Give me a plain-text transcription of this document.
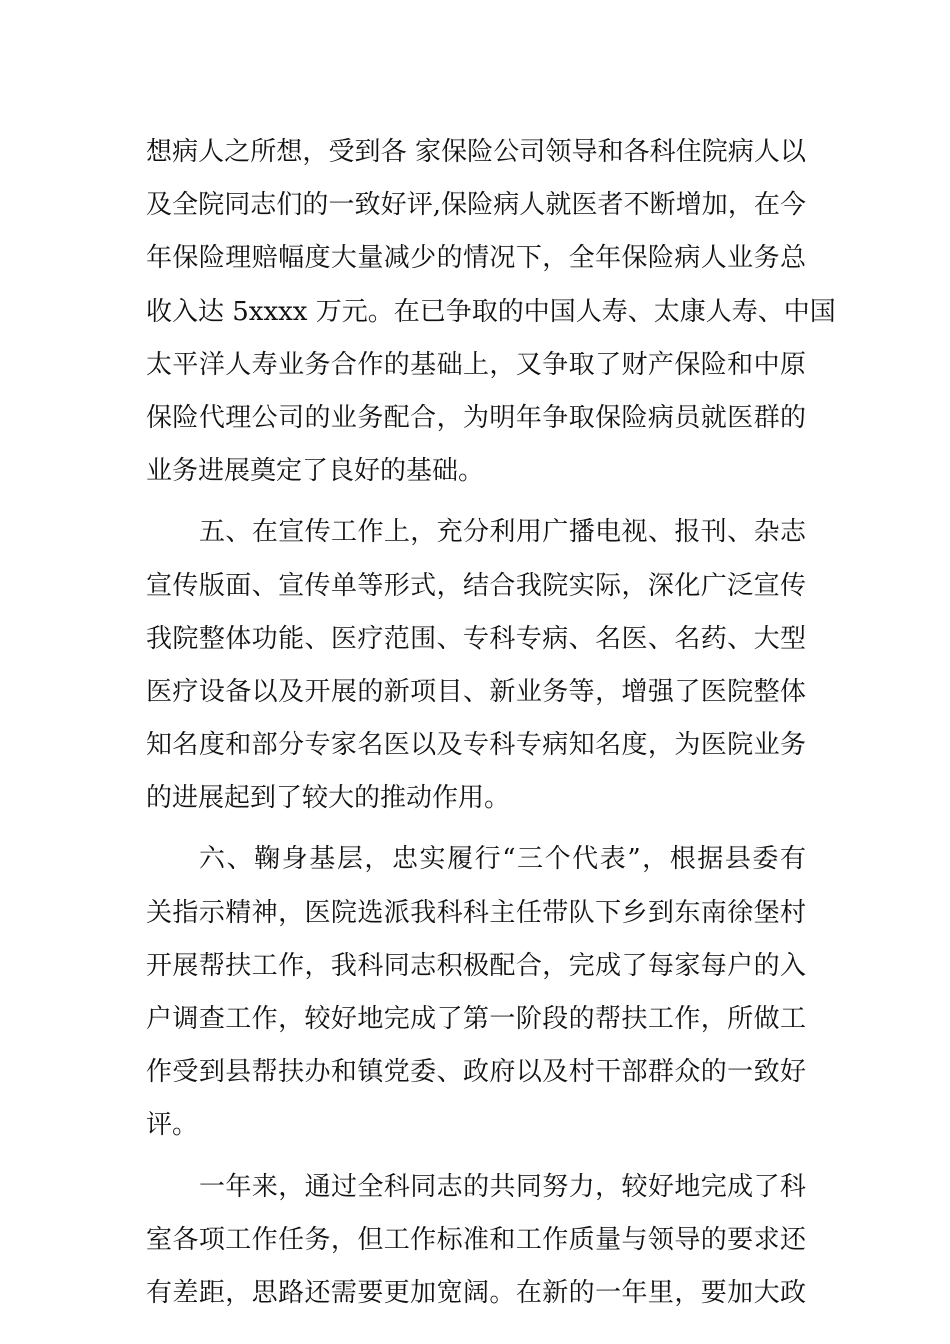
想病人之所想，受到各 家保险公司领导和各科住院病人以
及全院同志们的一致好评,保险病人就医者不断增加，在今
年保险理赔幅度大量减少的情况下，全年保险病人业务总
收入达 5xxxx 万元。在已争取的中国人寿、太康人寿、中国
太平洋人寿业务合作的基础上，又争取了财产保险和中原
保险代理公司的业务配合，为明年争取保险病员就医群的
业务进展奠定了良好的基础。

五、在宣传工作上，充分利用广播电视、报刊、杂志
宣传版面、宣传单等形式，结合我院实际，深化广泛宣传
我院整体功能、医疗范围、专科专病、名医、名药、大型
医疗设备以及开展的新项目、新业务等，增强了医院整体
知名度和部分专家名医以及专科专病知名度，为医院业务
的进展起到了较大的推动作用。

六、鞠身基层，忠实履行“三个代表”，根据县委有
关指示精神，医院选派我科科主任带队下乡到东南徐堡村
开展帮扶工作，我科同志积极配合，完成了每家每户的入
户调查工作，较好地完成了第一阶段的帮扶工作，所做工
作受到县帮扶办和镇党委、政府以及村干部群众的一致好
评。

一年来，通过全科同志的共同努力，较好地完成了科
室各项工作任务，但工作标准和工作质量与领导的要求还
有差距，思路还需要更加宽阔。在新的一年里，要加大政
